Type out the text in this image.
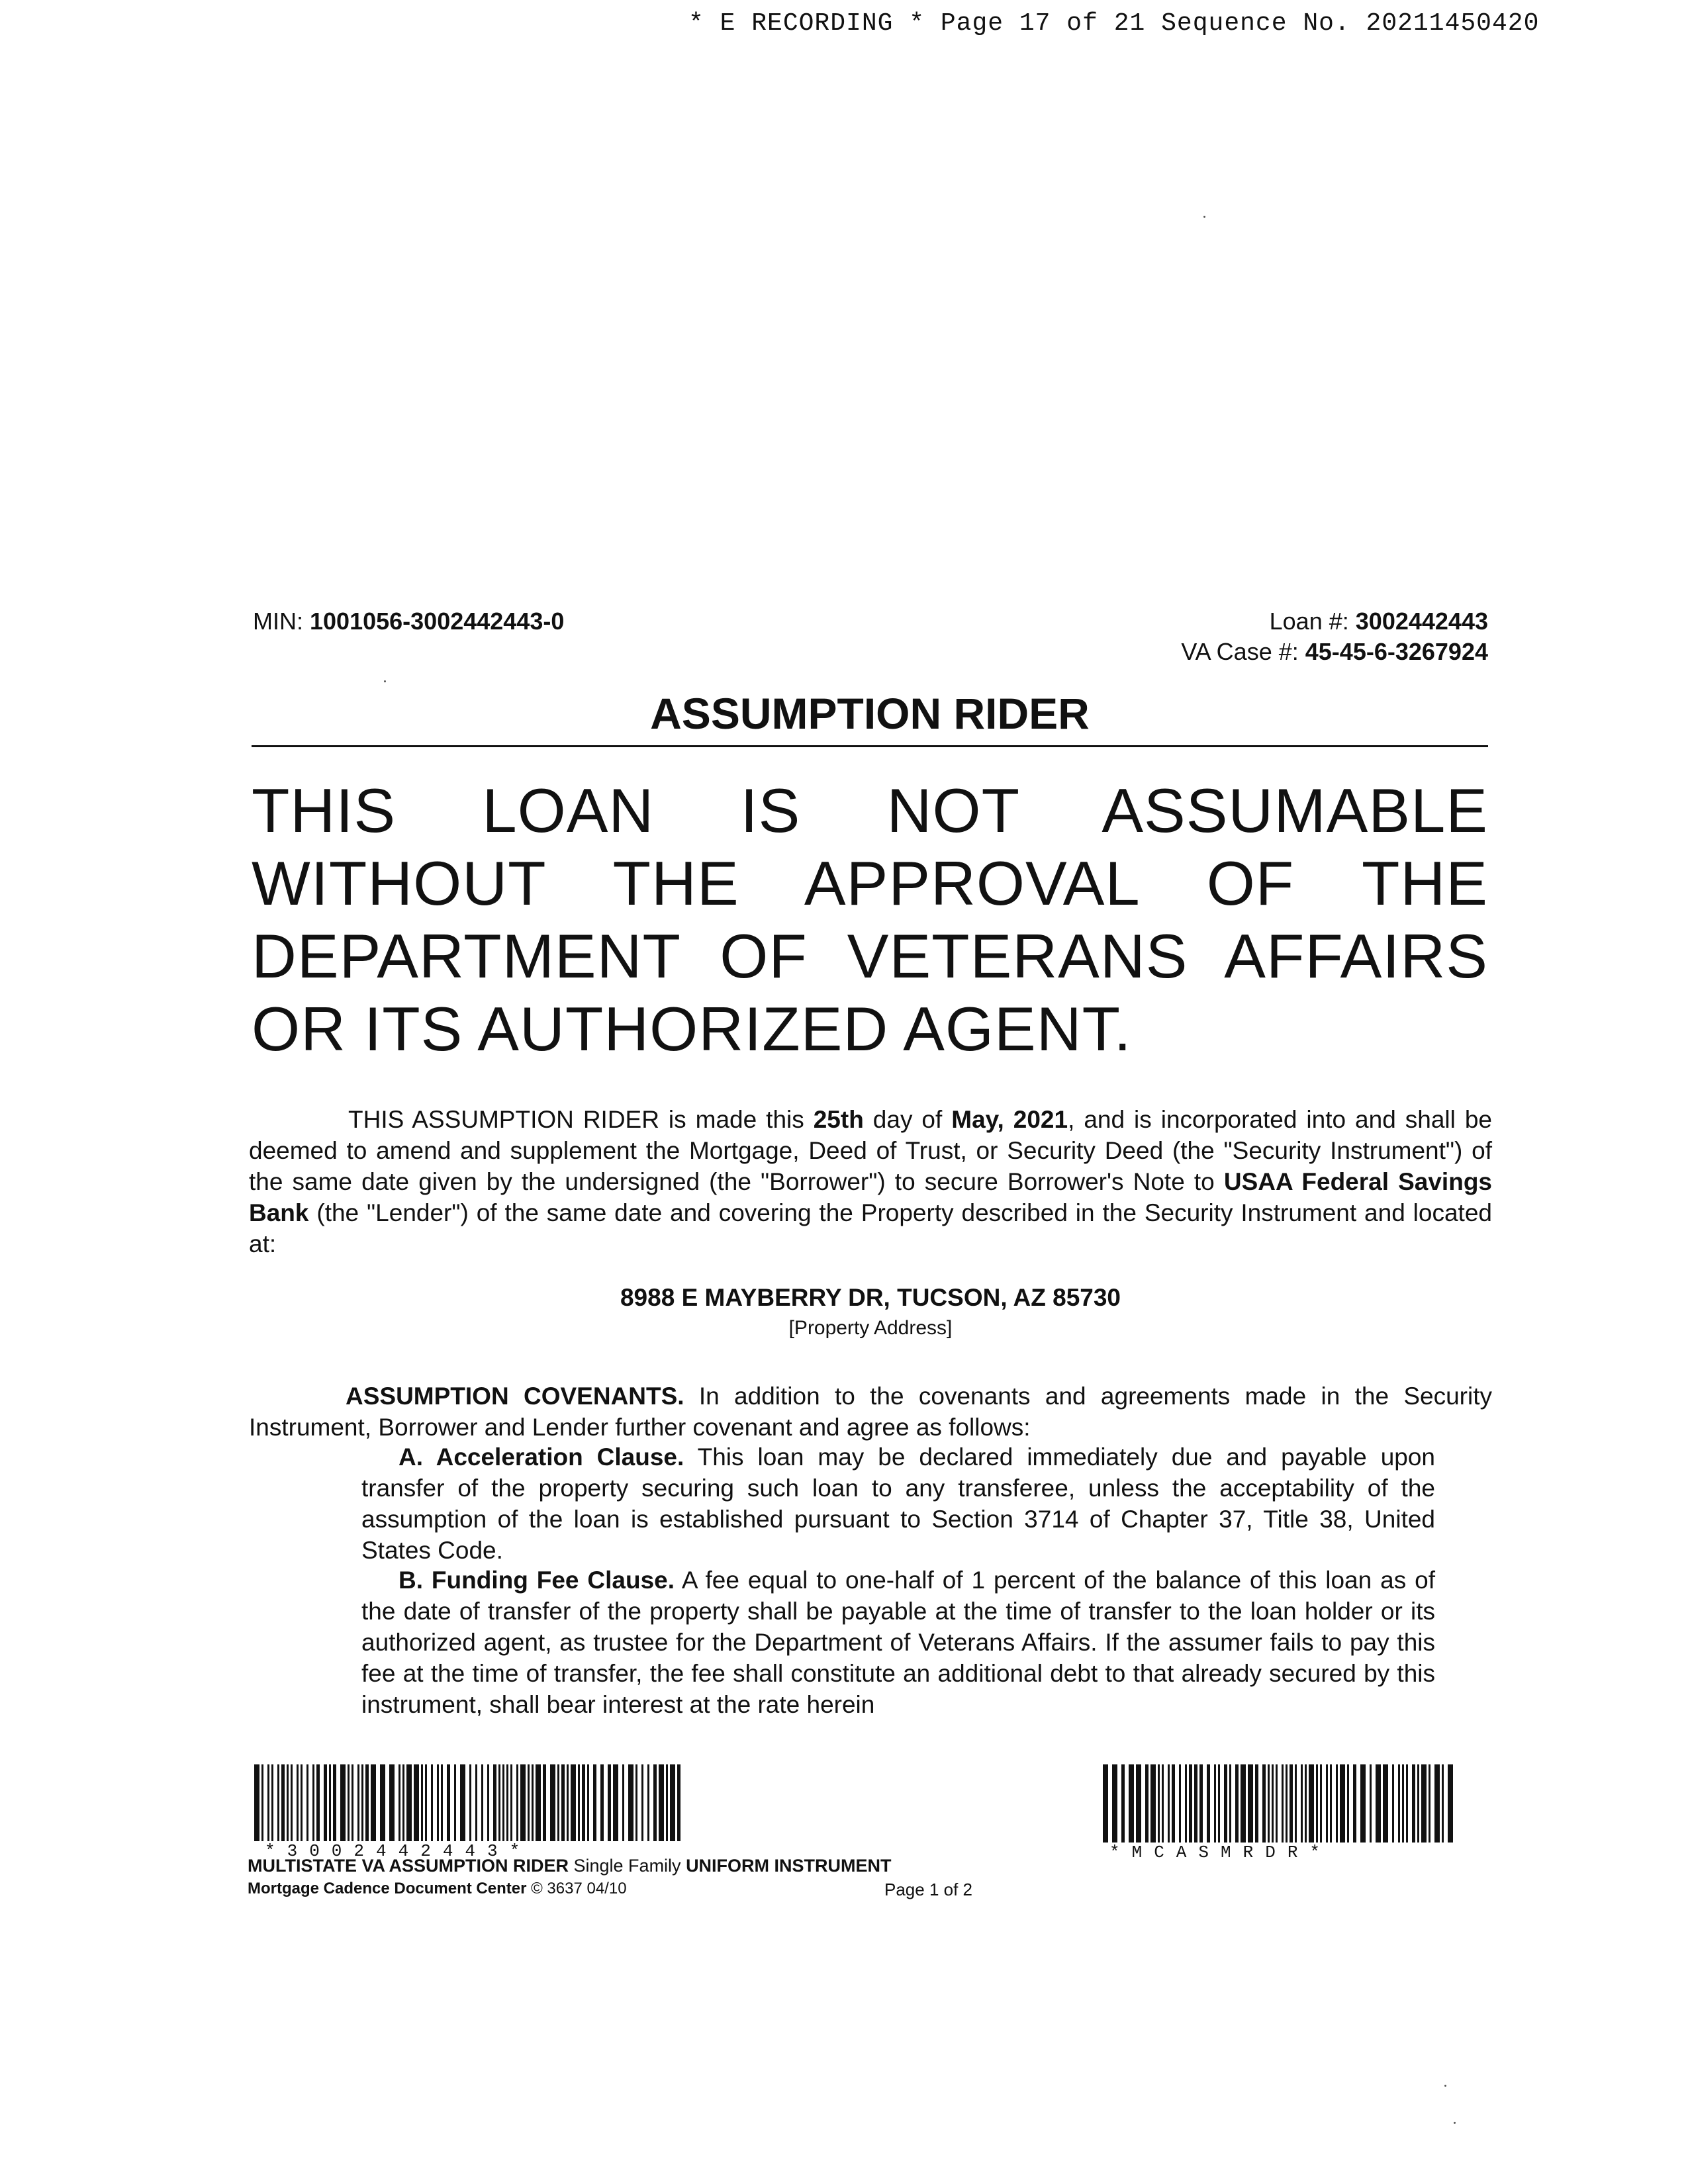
* E RECORDING * Page 17 of 21 Sequence No. 20211450420
MIN: 1001056-3002442443-0	Loan #: 3002442443
VA Case #: 45-45-6-3267924
ASSUMPTION RIDER
THIS LOAN IS NOT ASSUMABLE WITHOUT THE APPROVAL OF THE DEPARTMENT OF VETERANS AFFAIRS OR ITS AUTHORIZED AGENT.
THIS ASSUMPTION RIDER is made this 25th day of May, 2021, and is incorporated into and shall be deemed to amend and supplement the Mortgage, Deed of Trust, or Security Deed (the "Security Instrument") of the same date given by the undersigned (the "Borrower") to secure Borrower's Note to USAA Federal Savings Bank (the "Lender") of the same date and covering the Property described in the Security Instrument and located at:
8988 E MAYBERRY DR, TUCSON, AZ 85730
[Property Address]
ASSUMPTION COVENANTS. In addition to the covenants and agreements made in the Security Instrument, Borrower and Lender further covenant and agree as follows:
A. Acceleration Clause. This loan may be declared immediately due and payable upon transfer of the property securing such loan to any transferee, unless the acceptability of the assumption of the loan is established pursuant to Section 3714 of Chapter 37, Title 38, United States Code.
B. Funding Fee Clause. A fee equal to one-half of 1 percent of the balance of this loan as of the date of transfer of the property shall be payable at the time of transfer to the loan holder or its authorized agent, as trustee for the Department of Veterans Affairs. If the assumer fails to pay this fee at the time of transfer, the fee shall constitute an additional debt to that already secured by this instrument, shall bear interest at the rate herein
*3002442443*	*MCASMRDR*
MULTISTATE VA ASSUMPTION RIDER Single Family UNIFORM INSTRUMENT
Mortgage Cadence Document Center © 3637 04/10	Page 1 of 2
